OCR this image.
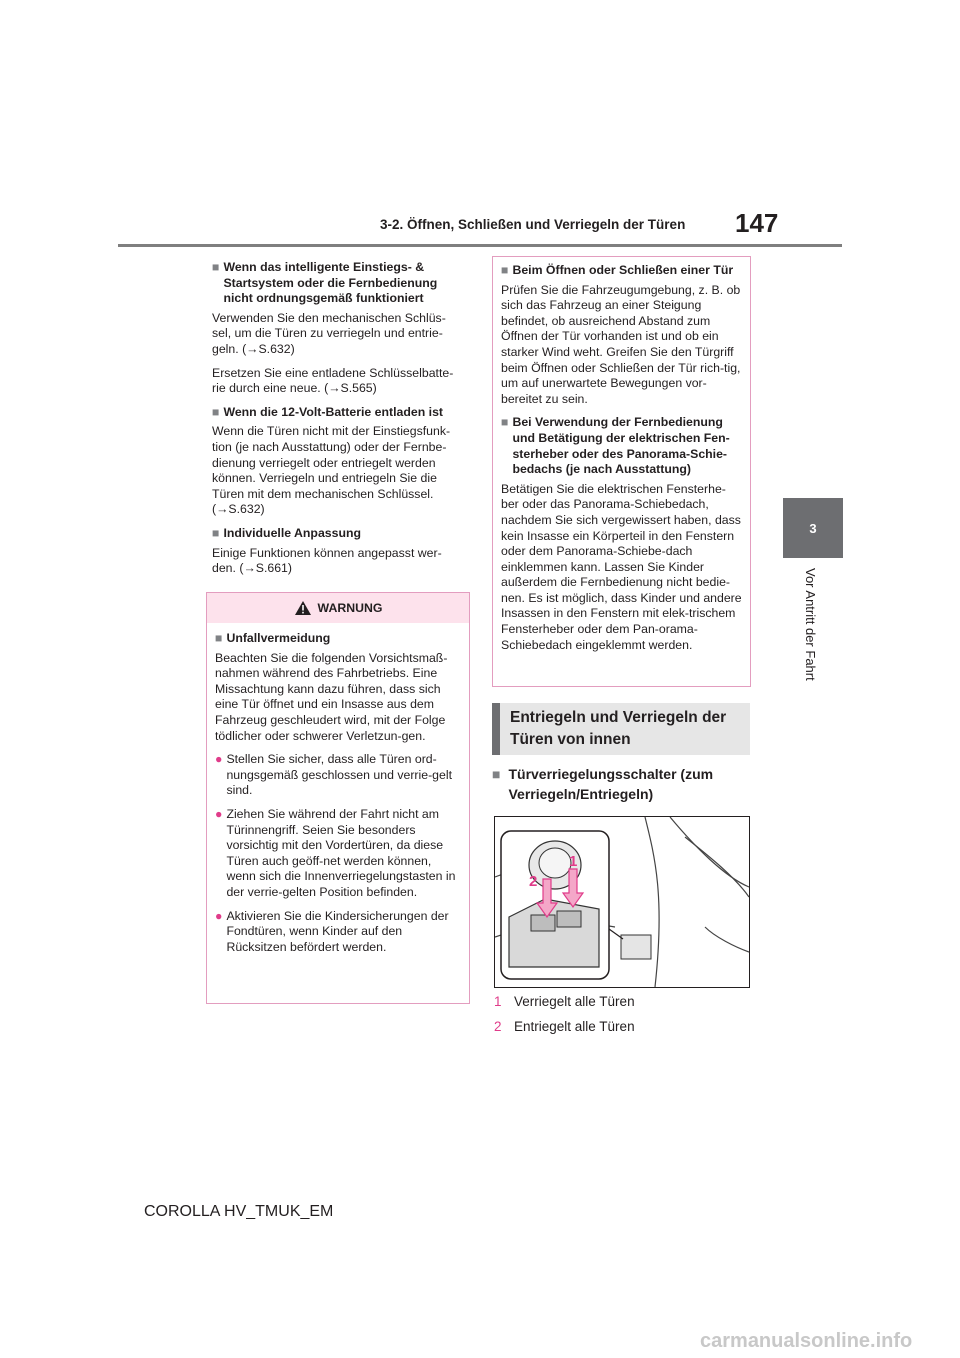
3-2. Öffnen, Schließen und Verriegeln der Türen 147
3
Vor Antritt der Fahrt
■ Wenn das intelligente Einstiegs- & Startsystem oder die Fernbedienung nicht ordnungsgemäß funktioniert

Verwenden Sie den mechanischen Schlüs-sel, um die Türen zu verriegeln und entrie-geln. (→S.632)

Ersetzen Sie eine entladene Schlüsselbatte-rie durch eine neue. (→S.565)

■ Wenn die 12-Volt-Batterie entladen ist

Wenn die Türen nicht mit der Einstiegsfunk-tion (je nach Ausstattung) oder der Fernbe-dienung verriegelt oder entriegelt werden können. Verriegeln und entriegeln Sie die Türen mit dem mechanischen Schlüssel. (→S.632)

■ Individuelle Anpassung

Einige Funktionen können angepasst wer-den. (→S.661)

WARNUNG
■ Unfallvermeidung

Beachten Sie die folgenden Vorsichtsmaß-nahmen während des Fahrbetriebs. Eine Missachtung kann dazu führen, dass sich eine Tür öffnet und ein Insasse aus dem Fahrzeug geschleudert wird, mit der Folge tödlicher oder schwerer Verletzun-gen.

● Stellen Sie sicher, dass alle Türen ord-nungsgemäß geschlossen und verrie-gelt sind.
● Ziehen Sie während der Fahrt nicht am Türinnengriff. Seien Sie besonders vorsichtig mit den Vordertüren, da diese Türen auch geöff-net werden können, wenn sich die Innenverriegelungstasten in der verrie-gelten Position befinden.
● Aktivieren Sie die Kindersicherungen der Fondtüren, wenn Kinder auf den Rücksitzen befördert werden.
■ Beim Öffnen oder Schließen einer Tür

Prüfen Sie die Fahrzeugumgebung, z. B. ob sich das Fahrzeug an einer Steigung befindet, ob ausreichend Abstand zum Öffnen der Tür vorhanden ist und ob ein starker Wind weht. Greifen Sie den Türgriff beim Öffnen oder Schließen der Tür rich-tig, um auf unerwartete Bewegungen vor-bereitet zu sein.

■ Bei Verwendung der Fernbedienung und Betätigung der elektrischen Fen-sterheber oder des Panorama-Schie-bedachs (je nach Ausstattung)

Betätigen Sie die elektrischen Fensterhe-ber oder das Panorama-Schiebedach, nachdem Sie sich vergewissert haben, dass kein Insasse ein Körperteil in den Fenstern oder dem Panorama-Schiebe-dach einklemmen kann. Lassen Sie Kinder außerdem die Fernbedienung nicht bedie-nen. Es ist möglich, dass Kinder und andere Insassen in den Fenstern mit elek-trischem Fensterheber oder dem Pan-orama-Schiebedach eingeklemmt werden.

Entriegeln und Verriegeln der Türen von innen
■ Türverriegelungsschalter (zum Verriegeln/Entriegeln)
1
2
1 Verriegelt alle Türen
2 Entriegelt alle Türen
COROLLA HV_TMUK_EM
carmanualsonline.info
